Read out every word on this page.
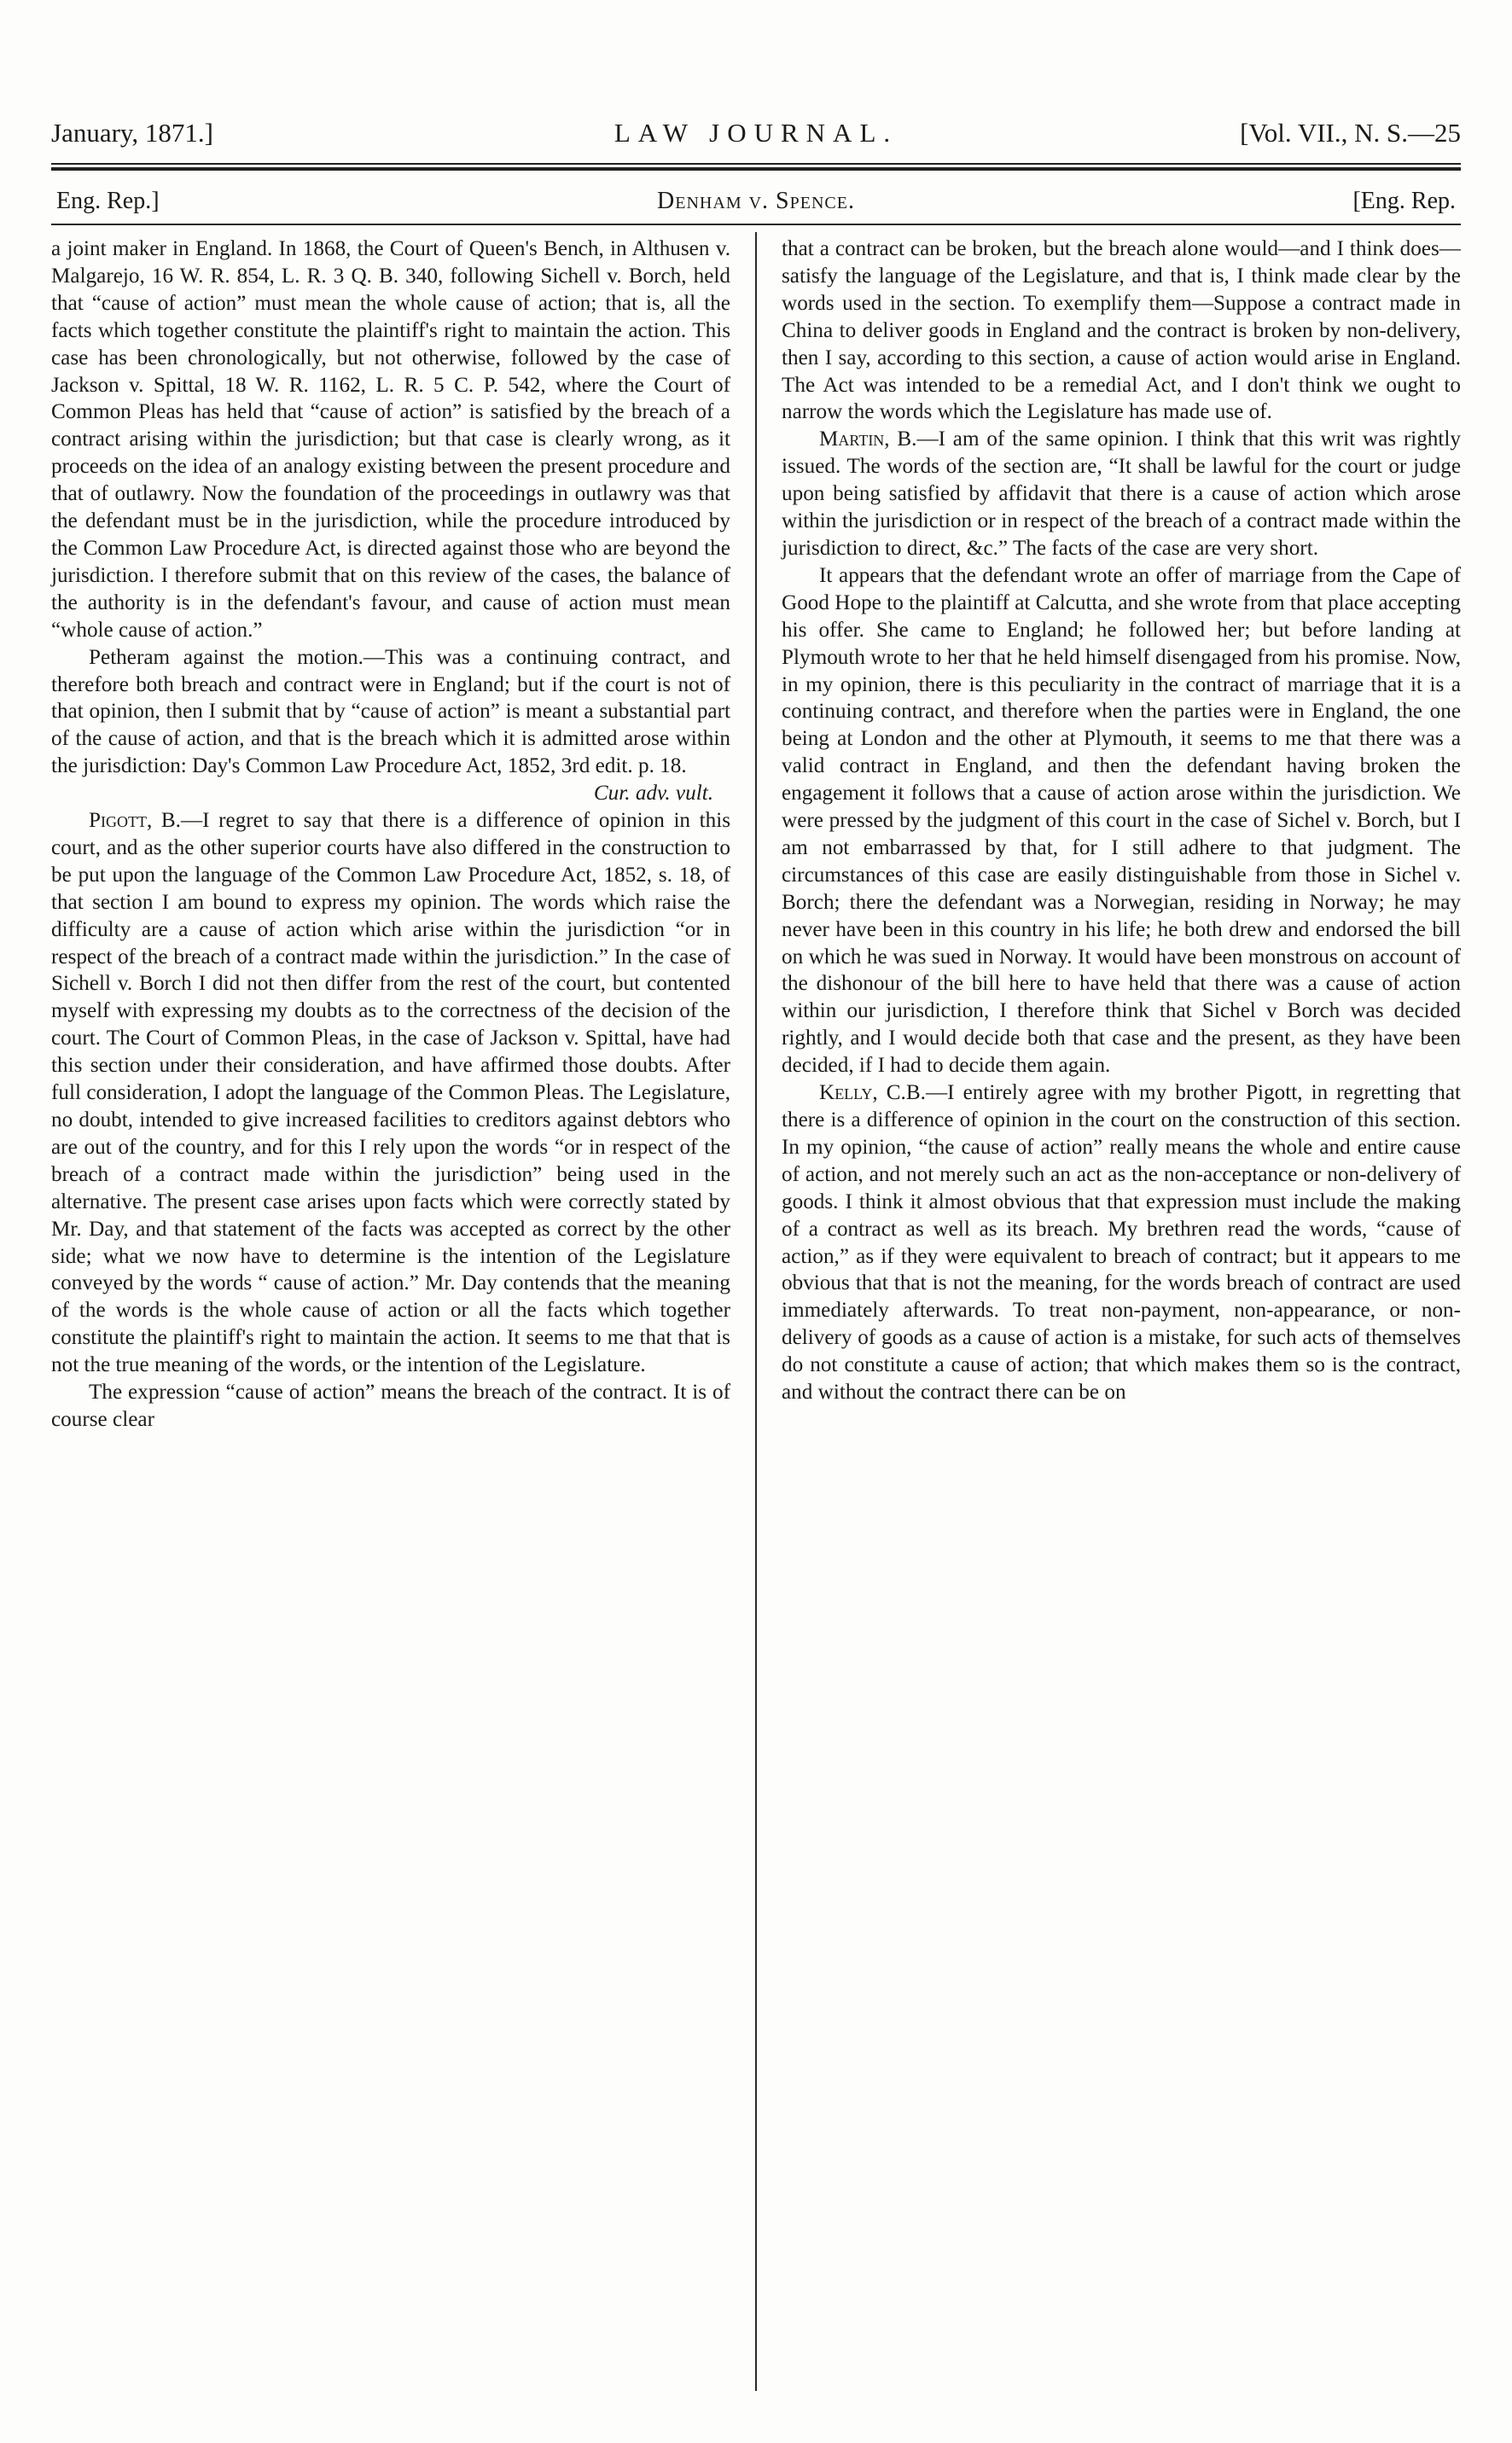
January, 1871.]	LAW JOURNAL.	[Vol. VII., N. S.—25
Eng. Rep.]	Denham v. Spence.	[Eng. Rep.

a joint maker in England. In 1868, the Court of Queen's Bench, in Althusen v. Malgarejo, 16 W. R. 854, L. R. 3 Q. B. 340, following Sichell v. Borch, held that “cause of action” must mean the whole cause of action; that is, all the facts which together constitute the plaintiff's right to maintain the action. This case has been chronologically, but not otherwise, followed by the case of Jackson v. Spittal, 18 W. R. 1162, L. R. 5 C. P. 542, where the Court of Common Pleas has held that “cause of action” is satisfied by the breach of a contract arising within the jurisdiction; but that case is clearly wrong, as it proceeds on the idea of an analogy existing between the present procedure and that of outlawry. Now the foundation of the proceedings in outlawry was that the defendant must be in the jurisdiction, while the procedure introduced by the Common Law Procedure Act, is directed against those who are beyond the jurisdiction. I therefore submit that on this review of the cases, the balance of the authority is in the defendant's favour, and cause of action must mean “whole cause of action.”

Petheram against the motion.—This was a continuing contract, and therefore both breach and contract were in England; but if the court is not of that opinion, then I submit that by “cause of action” is meant a substantial part of the cause of action, and that is the breach which it is admitted arose within the jurisdiction: Day's Common Law Procedure Act, 1852, 3rd edit. p. 18.

Cur. adv. vult.

Pigott, B.—I regret to say that there is a difference of opinion in this court, and as the other superior courts have also differed in the construction to be put upon the language of the Common Law Procedure Act, 1852, s. 18, of that section I am bound to express my opinion. The words which raise the difficulty are a cause of action which arise within the jurisdiction “or in respect of the breach of a contract made within the jurisdiction.” In the case of Sichell v. Borch I did not then differ from the rest of the court, but contented myself with expressing my doubts as to the correctness of the decision of the court. The Court of Common Pleas, in the case of Jackson v. Spittal, have had this section under their consideration, and have affirmed those doubts. After full consideration, I adopt the language of the Common Pleas. The Legislature, no doubt, intended to give increased facilities to creditors against debtors who are out of the country, and for this I rely upon the words “or in respect of the breach of a contract made within the jurisdiction” being used in the alternative. The present case arises upon facts which were correctly stated by Mr. Day, and that statement of the facts was accepted as correct by the other side; what we now have to determine is the intention of the Legislature conveyed by the words “ cause of action.” Mr. Day contends that the meaning of the words is the whole cause of action or all the facts which together constitute the plaintiff's right to maintain the action. It seems to me that that is not the true meaning of the words, or the intention of the Legislature.

The expression “cause of action” means the breach of the contract. It is of course clear

that a contract can be broken, but the breach alone would—and I think does—satisfy the language of the Legislature, and that is, I think made clear by the words used in the section. To exemplify them—Suppose a contract made in China to deliver goods in England and the contract is broken by non-delivery, then I say, according to this section, a cause of action would arise in England. The Act was intended to be a remedial Act, and I don't think we ought to narrow the words which the Legislature has made use of.

Martin, B.—I am of the same opinion. I think that this writ was rightly issued. The words of the section are, “It shall be lawful for the court or judge upon being satisfied by affidavit that there is a cause of action which arose within the jurisdiction or in respect of the breach of a contract made within the jurisdiction to direct, &c.” The facts of the case are very short.

It appears that the defendant wrote an offer of marriage from the Cape of Good Hope to the plaintiff at Calcutta, and she wrote from that place accepting his offer. She came to England; he followed her; but before landing at Plymouth wrote to her that he held himself disengaged from his promise. Now, in my opinion, there is this peculiarity in the contract of marriage that it is a continuing contract, and therefore when the parties were in England, the one being at London and the other at Plymouth, it seems to me that there was a valid contract in England, and then the defendant having broken the engagement it follows that a cause of action arose within the jurisdiction. We were pressed by the judgment of this court in the case of Sichel v. Borch, but I am not embarrassed by that, for I still adhere to that judgment. The circumstances of this case are easily distinguishable from those in Sichel v. Borch; there the defendant was a Norwegian, residing in Norway; he may never have been in this country in his life; he both drew and endorsed the bill on which he was sued in Norway. It would have been monstrous on account of the dishonour of the bill here to have held that there was a cause of action within our jurisdiction, I therefore think that Sichel v Borch was decided rightly, and I would decide both that case and the present, as they have been decided, if I had to decide them again.

Kelly, C.B.—I entirely agree with my brother Pigott, in regretting that there is a difference of opinion in the court on the construction of this section. In my opinion, “the cause of action” really means the whole and entire cause of action, and not merely such an act as the non-acceptance or non-delivery of goods. I think it almost obvious that that expression must include the making of a contract as well as its breach. My brethren read the words, “cause of action,” as if they were equivalent to breach of contract; but it appears to me obvious that that is not the meaning, for the words breach of contract are used immediately afterwards. To treat non-payment, non-appearance, or non-delivery of goods as a cause of action is a mistake, for such acts of themselves do not constitute a cause of action; that which makes them so is the contract, and without the contract there can be on
